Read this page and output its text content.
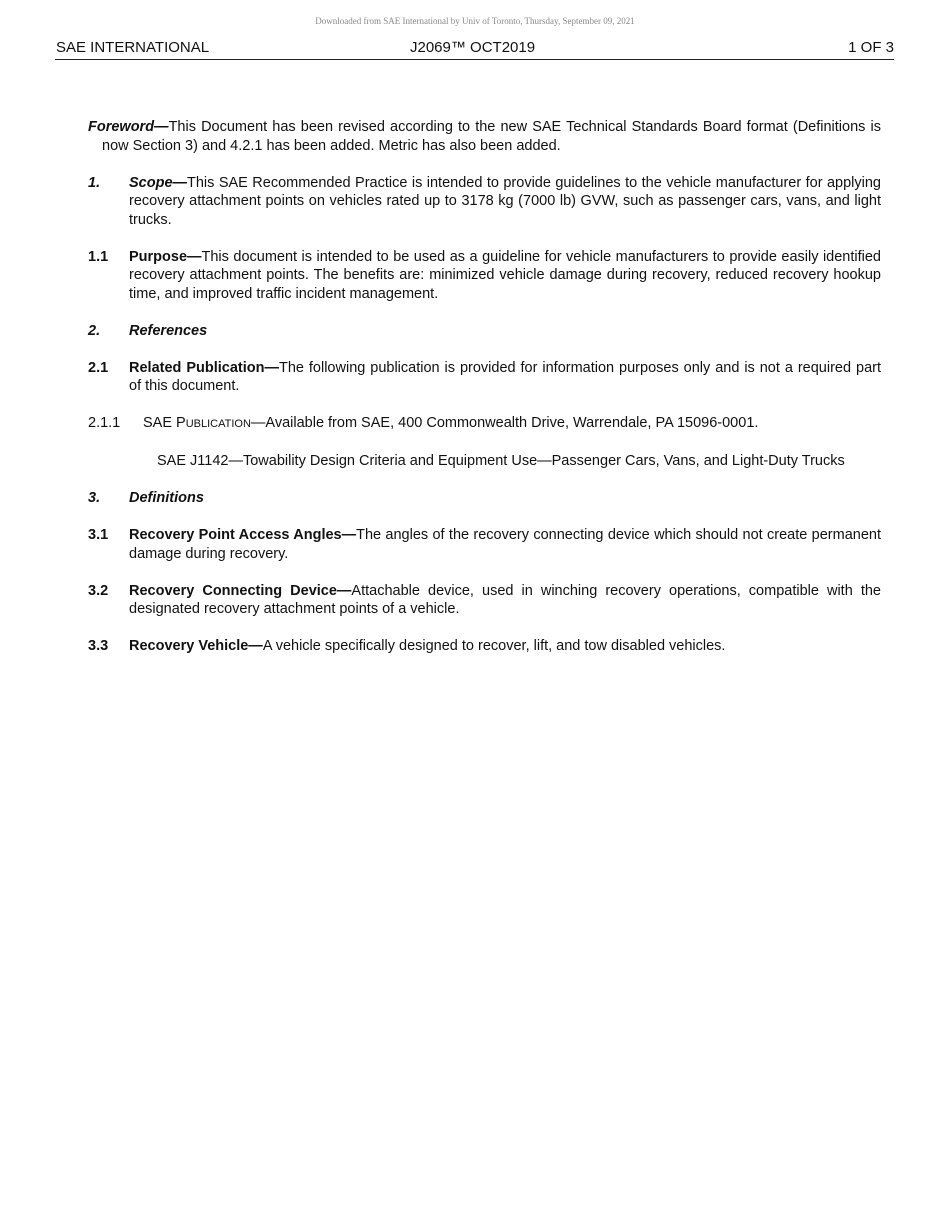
Downloaded from SAE International by Univ of Toronto, Thursday, September 09, 2021
SAE INTERNATIONAL	J2069™ OCT2019	1 OF 3

Foreword—This Document has been revised according to the new SAE Technical Standards Board format (Definitions is now Section 3) and 4.2.1 has been added. Metric has also been added.

1. Scope—This SAE Recommended Practice is intended to provide guidelines to the vehicle manufacturer for applying recovery attachment points on vehicles rated up to 3178 kg (7000 lb) GVW, such as passenger cars, vans, and light trucks.

1.1 Purpose—This document is intended to be used as a guideline for vehicle manufacturers to provide easily identified recovery attachment points. The benefits are: minimized vehicle damage during recovery, reduced recovery hookup time, and improved traffic incident management.

2. References

2.1 Related Publication—The following publication is provided for information purposes only and is not a required part of this document.

2.1.1 SAE PUBLICATION—Available from SAE, 400 Commonwealth Drive, Warrendale, PA 15096-0001.

SAE J1142—Towability Design Criteria and Equipment Use—Passenger Cars, Vans, and Light-Duty Trucks

3. Definitions

3.1 Recovery Point Access Angles—The angles of the recovery connecting device which should not create permanent damage during recovery.

3.2 Recovery Connecting Device—Attachable device, used in winching recovery operations, compatible with the designated recovery attachment points of a vehicle.

3.3 Recovery Vehicle—A vehicle specifically designed to recover, lift, and tow disabled vehicles.
